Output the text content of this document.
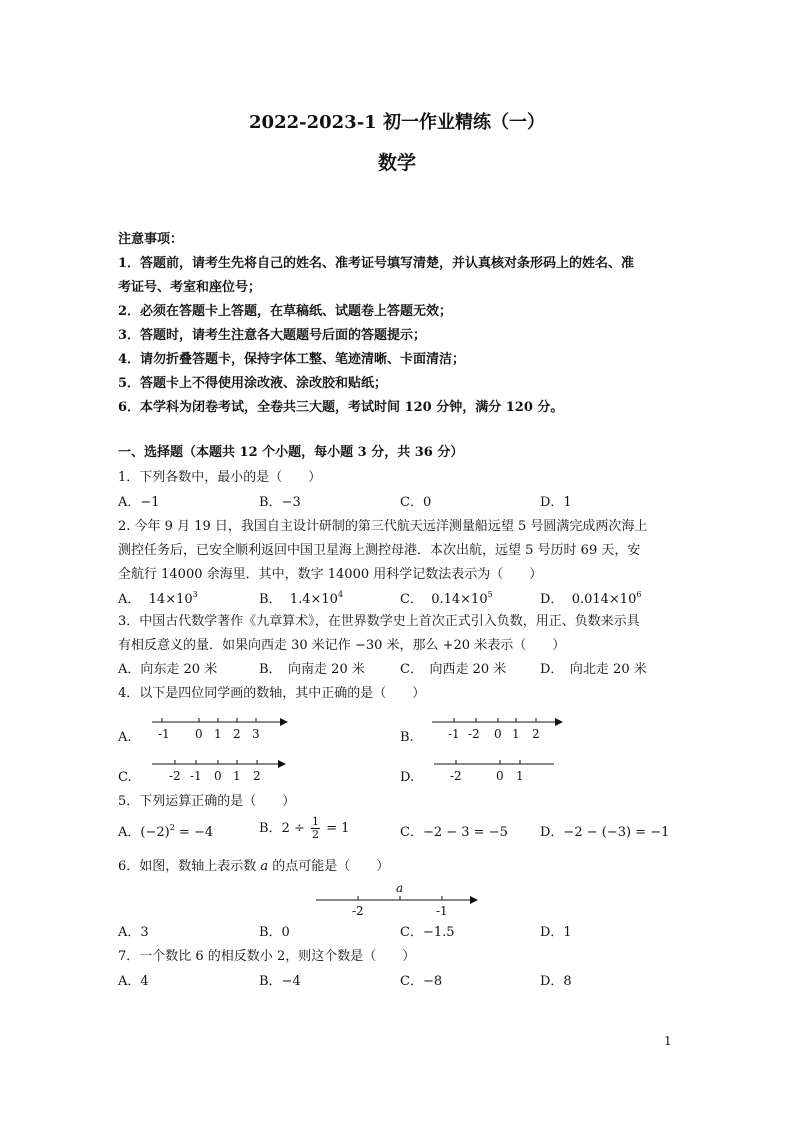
2022-2023-1 初一作业精练（一）
数学
注意事项：
1．答题前，请考生先将自己的姓名、准考证号填写清楚，并认真核对条形码上的姓名、准
考证号、考室和座位号；
2．必须在答题卡上答题，在草稿纸、试题卷上答题无效；
3．答题时，请考生注意各大题题号后面的答题提示；
4．请勿折叠答题卡，保持字体工整、笔迹清晰、卡面清洁；
5．答题卡上不得使用涂改液、涂改胶和贴纸；
6．本学科为闭卷考试，全卷共三大题，考试时间 120 分钟，满分 120 分。
一、选择题（本题共 12 个小题，每小题 3 分，共 36 分）
1．下列各数中，最小的是（　　）
A．−1	B．−3	C．0	D．1
2. 今年 9 月 19 日，我国自主设计研制的第三代航天远洋测量船远望 5 号圆满完成两次海上
测控任务后，已安全顺利返回中国卫星海上测控母港．本次出航，远望 5 号历时 69 天，安
全航行 14000 余海里．其中，数字 14000 用科学记数法表示为（　　）
A． $14\times 10^3$	B． $1.4\times 10^4$	C． $0.14\times 10^5$	D． $0.014\times 10^6$
3．中国古代数学著作《九章算术》，在世界数学史上首次正式引入负数，用正、负数来示具
有相反意义的量．如果向西走 30 米记作 −30 米，那么 +20 米表示（　　）
A．向东走 20 米	B．　向南走 20 米	C．　向西走 20 米	D．　向北走 20 米
4．以下是四位同学画的数轴，其中正确的是（　　）
A.	B.
C.	D.
-1 0 1 2 3	-1 -2 0 1 2
-2 -1 0 1 2	-2	0 1
5．下列运算正确的是（　　）
A．$(-2)^2 = -4$	B．$2 \div \frac{1}{2} = 1$	C．−2 − 3 = −5 D．−2 − (−3) = −1
6．如图，数轴上表示数 a 的点可能是（　　）
a
-2	-1
A．3	B．0	C．−1.5	D．1
7．一个数比 6 的相反数小 2，则这个数是（　　）
A．4	B．−4	C．−8	D．8
1
